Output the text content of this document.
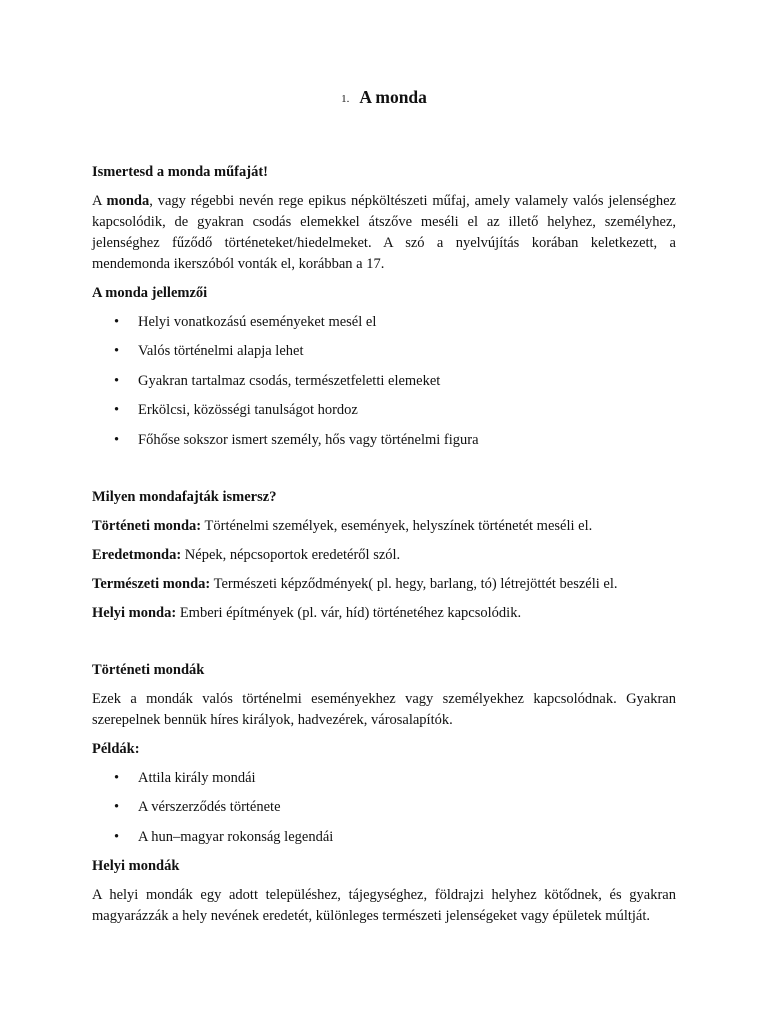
1. A monda
Ismertesd a monda műfaját!
A monda, vagy régebbi nevén rege epikus népköltészeti műfaj, amely valamely valós jelenséghez kapcsolódik, de gyakran csodás elemekkel átszőve meséli el az illető helyhez, személyhez, jelenséghez fűződő történeteket/hiedelmeket. A szó a nyelvújítás korában keletkezett, a mendemonda ikerszóból vonták el, korábban a 17.
A monda jellemzői
• Helyi vonatkozású eseményeket mesél el
• Valós történelmi alapja lehet
• Gyakran tartalmaz csodás, természetfeletti elemeket
• Erkölcsi, közösségi tanulságot hordoz
• Főhőse sokszor ismert személy, hős vagy történelmi figura
Milyen mondafajták ismersz?
Történeti monda: Történelmi személyek, események, helyszínek történetét meséli el.
Eredetmonda: Népek, népcsoportok eredetéről szól.
Természeti monda: Természeti képződmények( pl. hegy, barlang, tó) létrejöttét beszéli el.
Helyi monda: Emberi építmények (pl. vár, híd) történetéhez kapcsolódik.
Történeti mondák
Ezek a mondák valós történelmi eseményekhez vagy személyekhez kapcsolódnak. Gyakran szerepelnek bennük híres királyok, hadvezérek, városalapítók.
Példák:
• Attila király mondái
• A vérszerződés története
• A hun–magyar rokonság legendái
Helyi mondák
A helyi mondák egy adott településhez, tájegységhez, földrajzi helyhez kötődnek, és gyakran magyarázzák a hely nevének eredetét, különleges természeti jelenségeket vagy épületek múltját.
